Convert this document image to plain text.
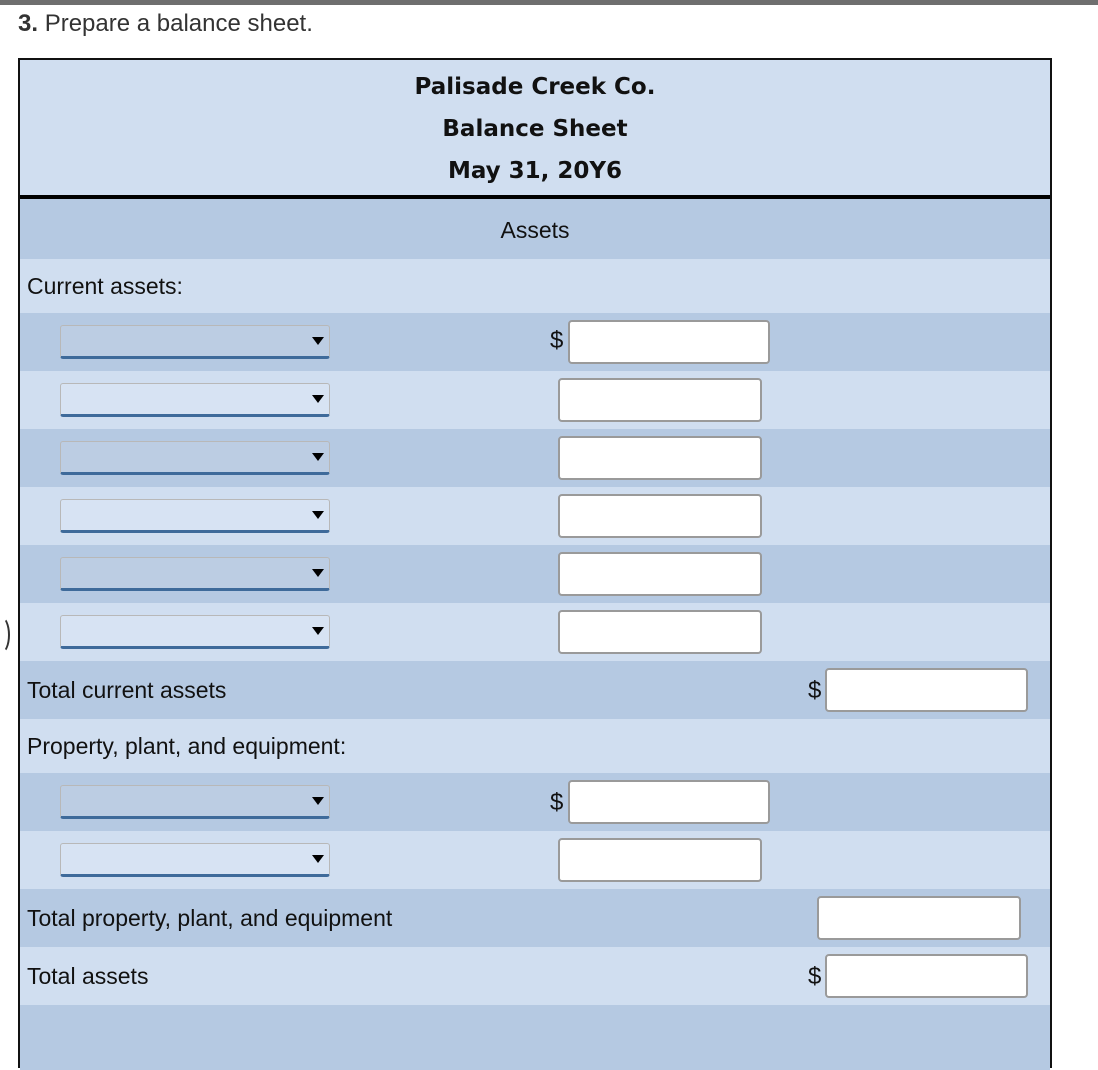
3. Prepare a balance sheet.
Palisade Creek Co.
Balance Sheet
May 31, 20Y6
Assets
Current assets:
$
Total current assets	$
Property, plant, and equipment:
$
Total property, plant, and equipment
Total assets	$
